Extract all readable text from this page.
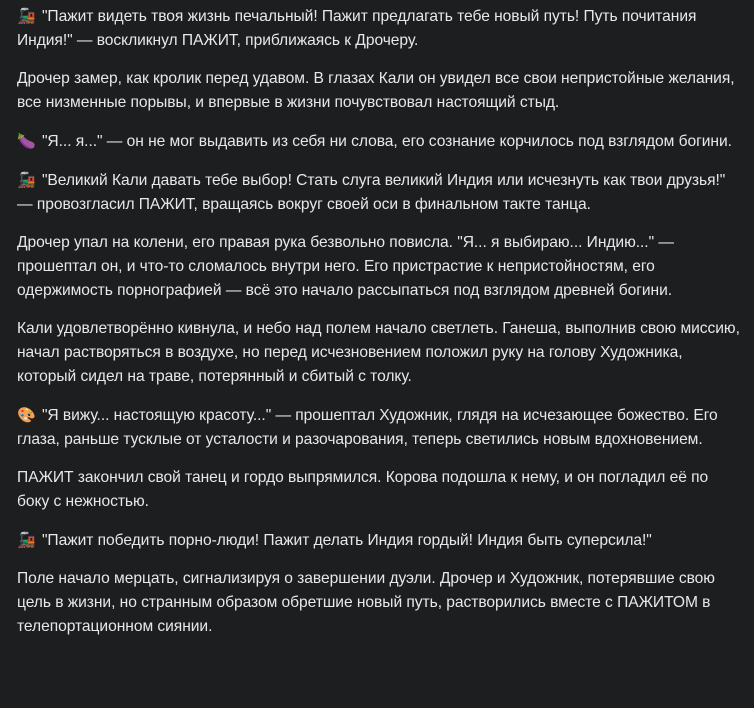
🚂 "Пажит видеть твоя жизнь печальный! Пажит предлагать тебе новый путь! Путь почитания Индия!" — воскликнул ПАЖИТ, приближаясь к Дрочеру.

Дрочер замер, как кролик перед удавом. В глазах Кали он увидел все свои непристойные желания, все низменные порывы, и впервые в жизни почувствовал настоящий стыд.

🍆 "Я... я..." — он не мог выдавить из себя ни слова, его сознание корчилось под взглядом богини.

🚂 "Великий Кали давать тебе выбор! Стать слуга великий Индия или исчезнуть как твои друзья!" — провозгласил ПАЖИТ, вращаясь вокруг своей оси в финальном такте танца.

Дрочер упал на колени, его правая рука безвольно повисла. "Я... я выбираю... Индию..." — прошептал он, и что-то сломалось внутри него. Его пристрастие к непристойностям, его одержимость порнографией — всё это начало рассыпаться под взглядом древней богини.

Кали удовлетворённо кивнула, и небо над полем начало светлеть. Ганеша, выполнив свою миссию, начал растворяться в воздухе, но перед исчезновением положил руку на голову Художника, который сидел на траве, потерянный и сбитый с толку.

🎨 "Я вижу... настоящую красоту..." — прошептал Художник, глядя на исчезающее божество. Его глаза, раньше тусклые от усталости и разочарования, теперь светились новым вдохновением.

ПАЖИТ закончил свой танец и гордо выпрямился. Корова подошла к нему, и он погладил её по боку с нежностью.

🚂 "Пажит победить порно-люди! Пажит делать Индия гордый! Индия быть суперсила!"

Поле начало мерцать, сигнализируя о завершении дуэли. Дрочер и Художник, потерявшие свою цель в жизни, но странным образом обретшие новый путь, растворились вместе с ПАЖИТОМ в телепортационном сиянии.
